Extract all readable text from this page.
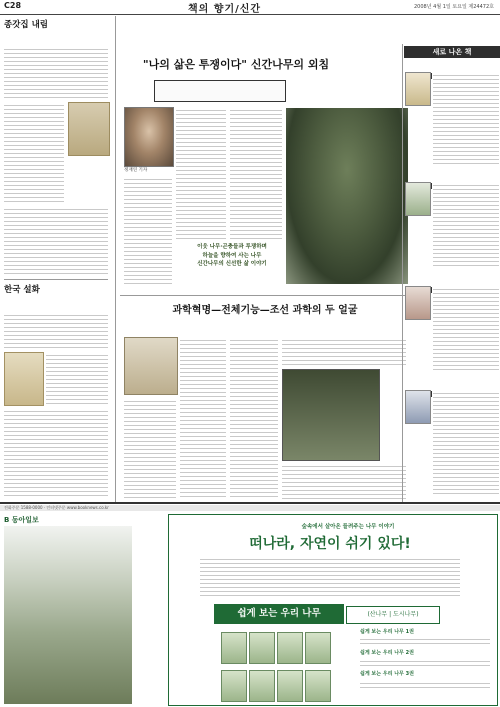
C28	책의 향기/신간	2008년 4월 1일 토요일 제24472호
종갓집 내림
한국 설화
"나의 삶은 투쟁이다" 신간나무의 외침
정재연 기자
이웃 나무·곤충들과 투쟁하며
하늘을 향하여 사는 나무
신간나무의 신선한 삶 이야기
과학혁명—전체기능—조선 과학의 두 얼굴
새로 나온 책
전화주문 1588-0000 · 인터넷주문 www.booknews.co.kr
B 동아일보
숲속에서 살아온 들려주는 나무 이야기
떠나라, 자연이 쉬기 있다!
쉽게 보는 우리 나무	(산나무 | 도시나무)

쉽게 보는 우리 나무 1권
쉽게 보는 우리 나무 2권
쉽게 보는 우리 나무 3권
